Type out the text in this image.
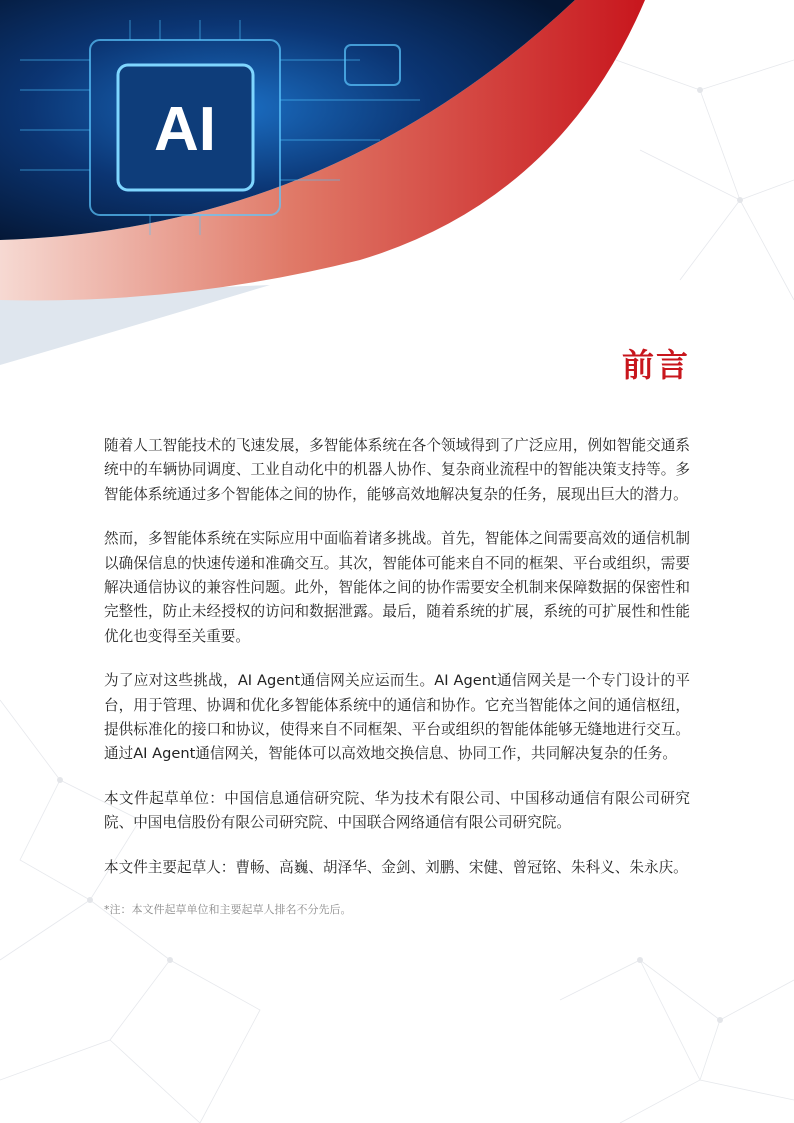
AI
前言

随着人工智能技术的飞速发展，多智能体系统在各个领域得到了广泛应用，例如智能交通系统中的车辆协同调度、工业自动化中的机器人协作、复杂商业流程中的智能决策支持等。多智能体系统通过多个智能体之间的协作，能够高效地解决复杂的任务，展现出巨大的潜力。

然而，多智能体系统在实际应用中面临着诸多挑战。首先，智能体之间需要高效的通信机制以确保信息的快速传递和准确交互。其次，智能体可能来自不同的框架、平台或组织，需要解决通信协议的兼容性问题。此外，智能体之间的协作需要安全机制来保障数据的保密性和完整性，防止未经授权的访问和数据泄露。最后，随着系统的扩展，系统的可扩展性和性能优化也变得至关重要。

为了应对这些挑战，AI Agent通信网关应运而生。AI Agent通信网关是一个专门设计的平台，用于管理、协调和优化多智能体系统中的通信和协作。它充当智能体之间的通信枢纽，提供标准化的接口和协议，使得来自不同框架、平台或组织的智能体能够无缝地进行交互。通过AI Agent通信网关，智能体可以高效地交换信息、协同工作，共同解决复杂的任务。

本文件起草单位：中国信息通信研究院、华为技术有限公司、中国移动通信有限公司研究院、中国电信股份有限公司研究院、中国联合网络通信有限公司研究院。

本文件主要起草人：曹畅、高巍、胡泽华、金剑、刘鹏、宋健、曾冠铭、朱科义、朱永庆。

*注：本文件起草单位和主要起草人排名不分先后。
